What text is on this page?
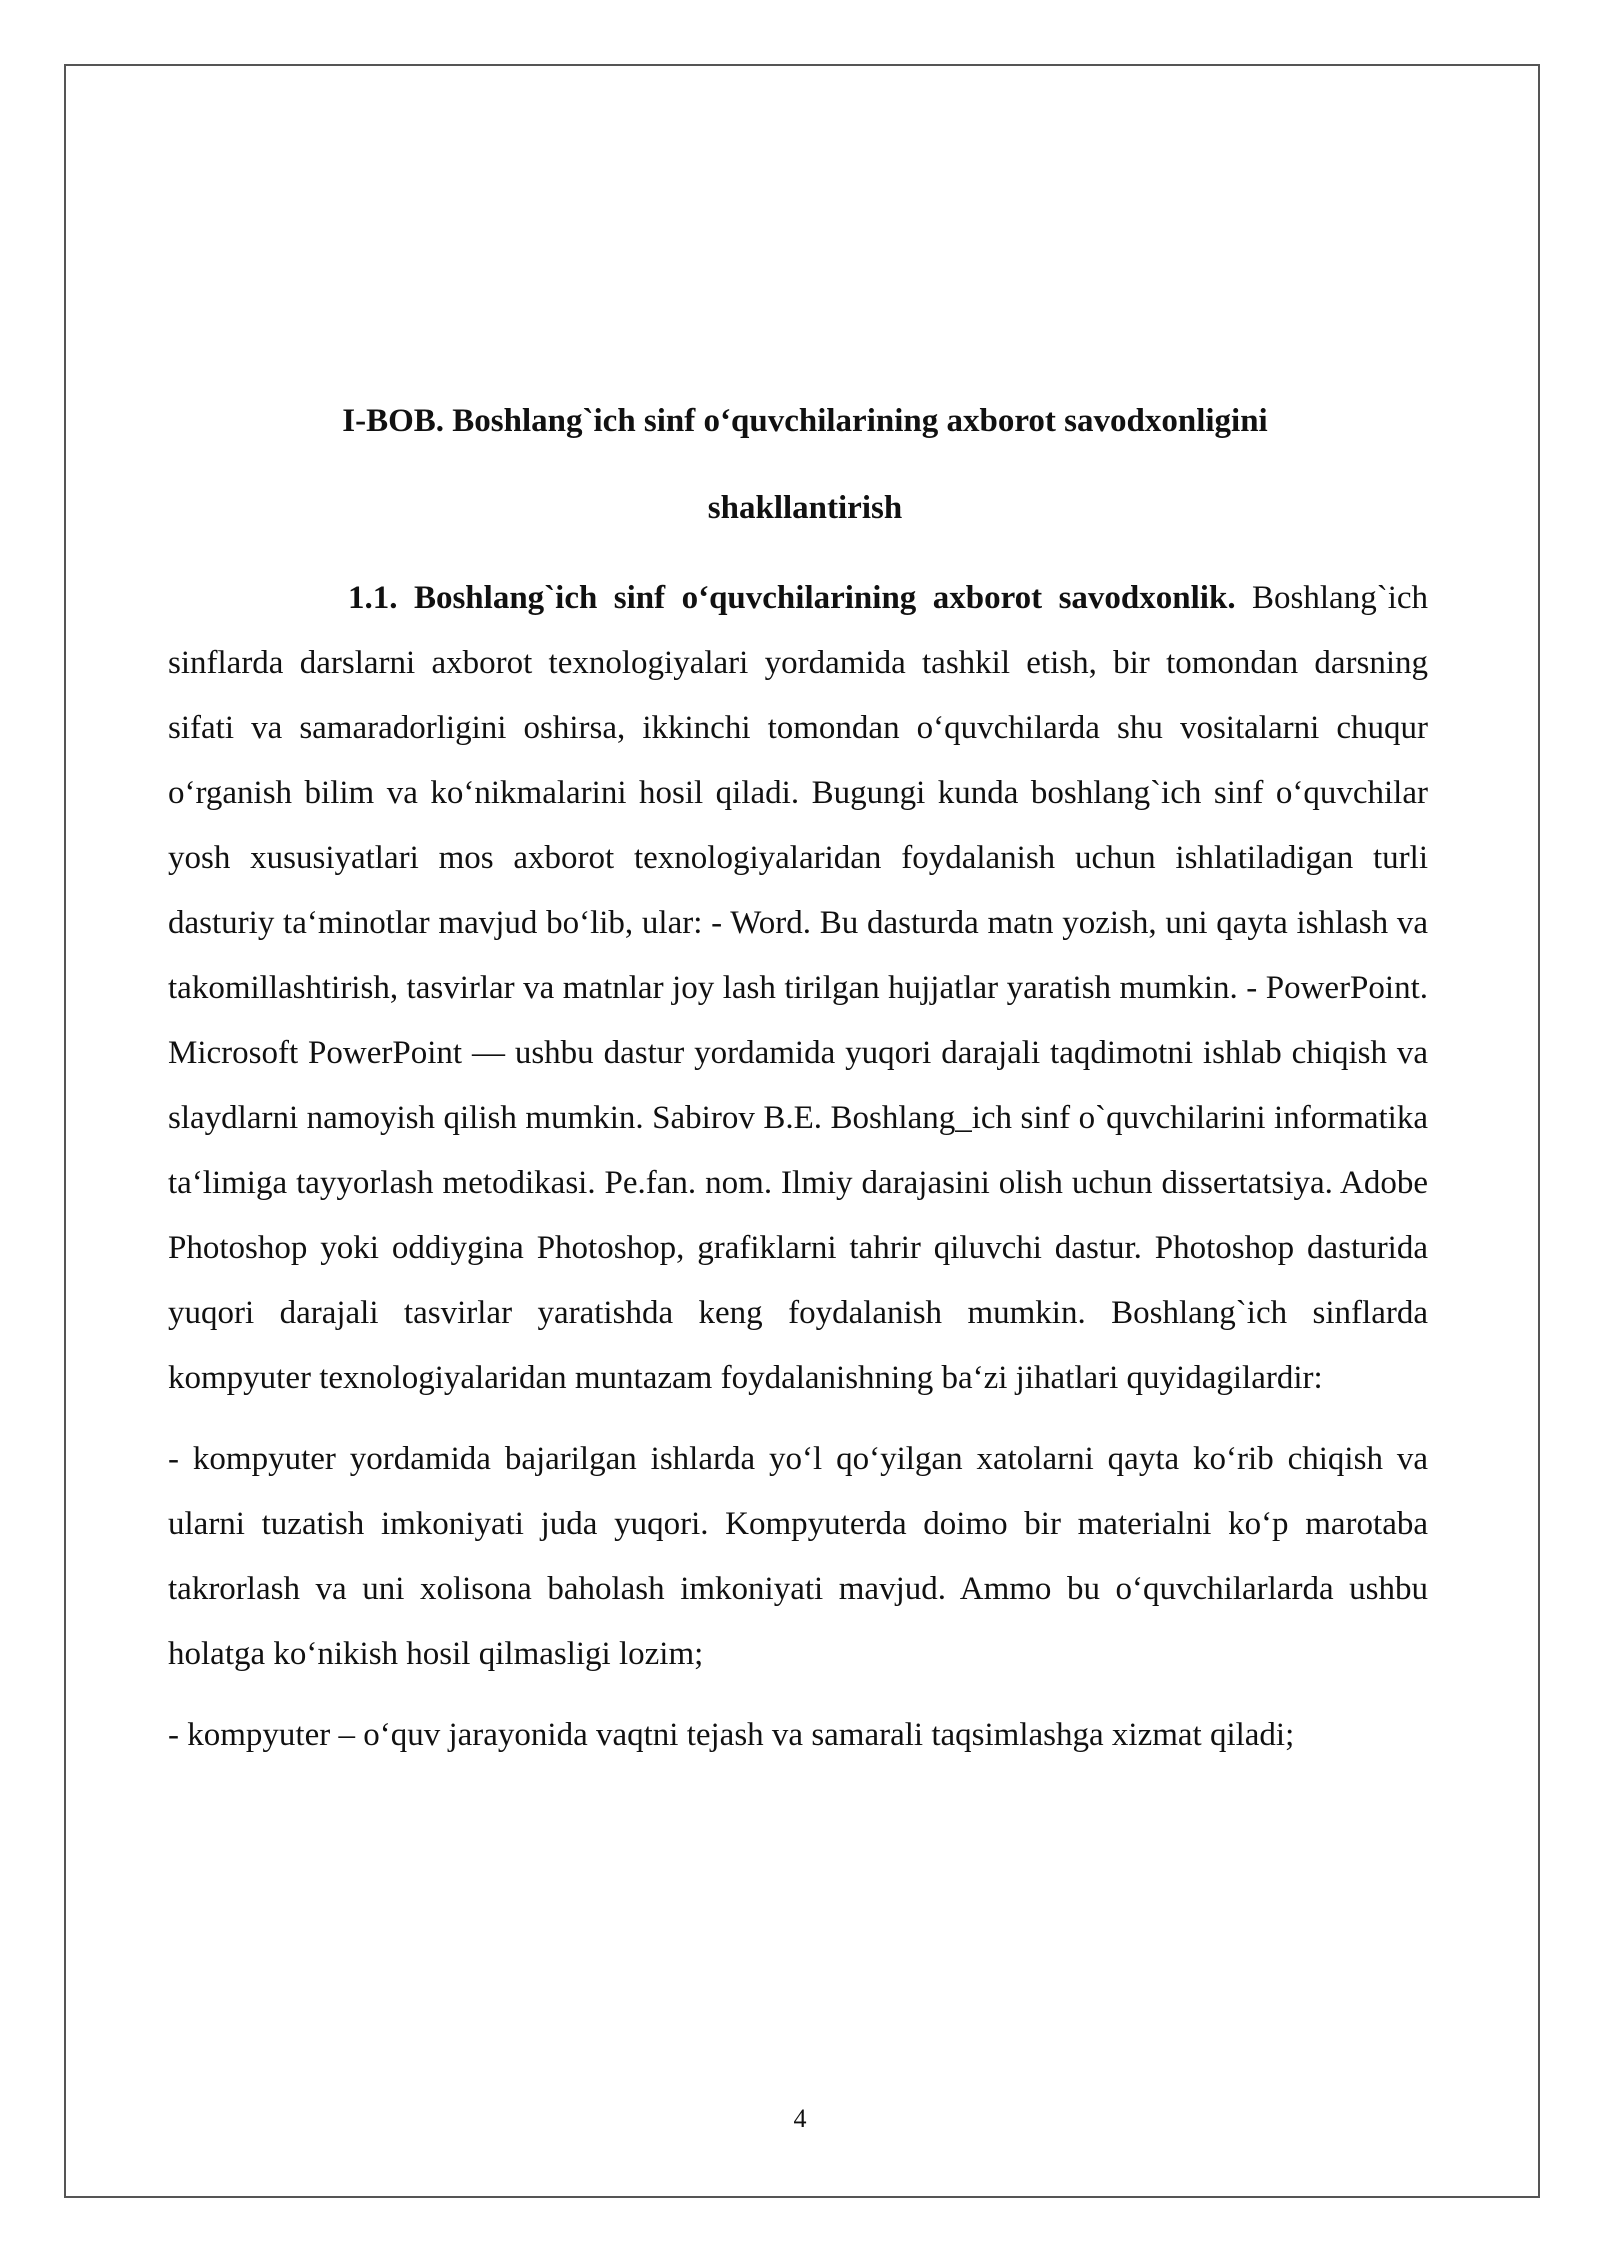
I-BOB. Boshlang`ich sinf o‘quvchilarining axborot savodxonligini

shakllantirish

1.1. Boshlang`ich sinf o‘quvchilarining axborot savodxonlik. Boshlang`ich sinflarda darslarni axborot texnologiyalari yordamida tashkil etish, bir tomondan darsning sifati va samaradorligini oshirsa, ikkinchi tomondan o‘quvchilarda shu vositalarni chuqur o‘rganish bilim va ko‘nikmalarini hosil qiladi. Bugungi kunda boshlang`ich sinf o‘quvchilar yosh xususiyatlari mos axborot texnologiyalaridan foydalanish uchun ishlatiladigan turli dasturiy ta‘minotlar mavjud bo‘lib, ular: - Word. Bu dasturda matn yozish, uni qayta ishlash va takomillashtirish, tasvirlar va matnlar joy lash tirilgan hujjatlar yaratish mumkin. - PowerPoint. Microsoft PowerPoint — ushbu dastur yordamida yuqori darajali taqdimotni ishlab chiqish va slaydlarni namoyish qilish mumkin. Sabirov B.E. Boshlang_ich sinf o`quvchilarini informatika ta‘limiga tayyorlash metodikasi. Pe.fan. nom. Ilmiy darajasini olish uchun dissertatsiya. Adobe Photoshop yoki oddiygina Photoshop, grafiklarni tahrir qiluvchi dastur. Photoshop dasturida yuqori darajali tasvirlar yaratishda keng foydalanish mumkin. Boshlang`ich sinflarda kompyuter texnologiyalaridan muntazam foydalanishning ba‘zi jihatlari quyidagilardir:

- kompyuter yordamida bajarilgan ishlarda yo‘l qo‘yilgan xatolarni qayta ko‘rib chiqish va ularni tuzatish imkoniyati juda yuqori. Kompyuterda doimo bir materialni ko‘p marotaba takrorlash va uni xolisona baholash imkoniyati mavjud. Ammo bu o‘quvchilarlarda ushbu holatga ko‘nikish hosil qilmasligi lozim;

- kompyuter – o‘quv jarayonida vaqtni tejash va samarali taqsimlashga xizmat qiladi;

4
